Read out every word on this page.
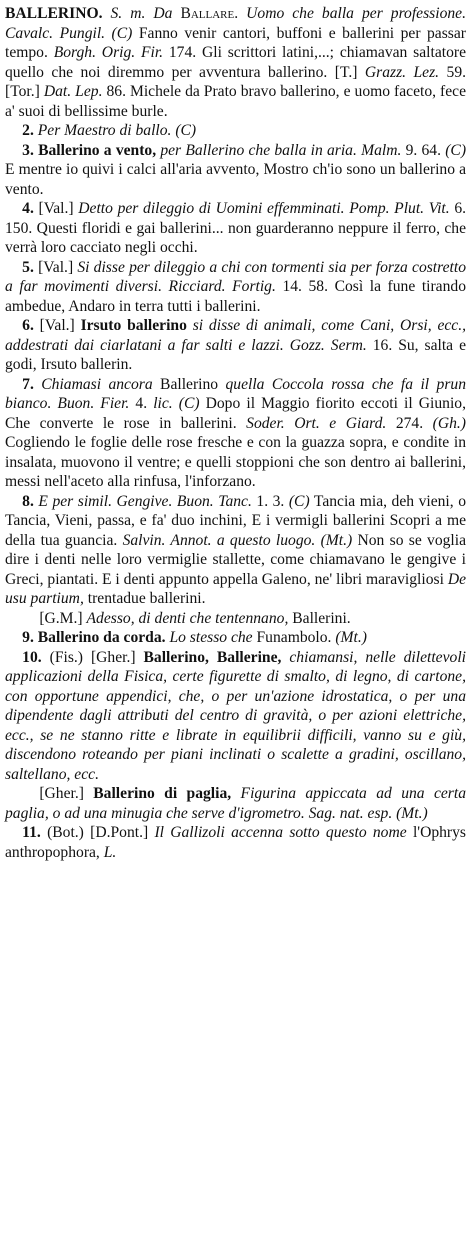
BALLERINO. S. m. Da Ballare. Uomo che balla per professione. Cavalc. Pungil. (C) Fanno venir cantori, buffoni e ballerini per passar tempo. Borgh. Orig. Fir. 174. Gli scrittori latini,...; chiamavan saltatore quello che noi diremmo per avventura ballerino. [T.] Grazz. Lez. 59. [Tor.] Dat. Lep. 86. Michele da Prato bravo ballerino, e uomo faceto, fece a' suoi di bellissime burle.

2. Per Maestro di ballo. (C)

3. Ballerino a vento, per Ballerino che balla in aria. Malm. 9. 64. (C) E mentre io quivi i calci all'aria avvento, Mostro ch'io sono un ballerino a vento.

4. [Val.] Detto per dileggio di Uomini effemminati. Pomp. Plut. Vit. 6. 150. Questi floridi e gai ballerini... non guarderanno neppure il ferro, che verrà loro cacciato negli occhi.

5. [Val.] Si disse per dileggio a chi con tormenti sia per forza costretto a far movimenti diversi. Ricciard. Fortig. 14. 58. Così la fune tirando ambedue, Andaro in terra tutti i ballerini.

6. [Val.] Irsuto ballerino si disse di animali, come Cani, Orsi, ecc., addestrati dai ciarlatani a far salti e lazzi. Gozz. Serm. 16. Su, salta e godi, Irsuto ballerin.

7. Chiamasi ancora Ballerino quella Coccola rossa che fa il prun bianco. Buon. Fier. 4. lic. (C) Dopo il Maggio fiorito eccoti il Giunio, Che converte le rose in ballerini. Soder. Ort. e Giard. 274. (Gh.) Cogliendo le foglie delle rose fresche e con la guazza sopra, e condite in insalata, muovono il ventre; e quelli stoppioni che son dentro ai ballerini, messi nell'aceto alla rinfusa, l'inforzano.

8. E per simil. Gengive. Buon. Tanc. 1. 3. (C) Tancia mia, deh vieni, o Tancia, Vieni, passa, e fa' duo inchini, E i vermigli ballerini Scopri a me della tua guancia. Salvin. Annot. a questo luogo. (Mt.) Non so se voglia dire i denti nelle loro vermiglie stallette, come chiamavano le gengive i Greci, piantati. E i denti appunto appella Galeno, ne' libri maravigliosi De usu partium, trentadue ballerini.

[G.M.] Adesso, di denti che tentennano, Ballerini.

9. Ballerino da corda. Lo stesso che Funambolo. (Mt.)

10. (Fis.) [Gher.] Ballerino, Ballerine, chiamansi, nelle dilettevoli applicazioni della Fisica, certe figurette di smalto, di legno, di cartone, con opportune appendici, che, o per un'azione idrostatica, o per una dipendente dagli attributi del centro di gravità, o per azioni elettriche, ecc., se ne stanno ritte e librate in equilibrii difficili, vanno su e giù, discendono roteando per piani inclinati o scalette a gradini, oscillano, saltellano, ecc.

[Gher.] Ballerino di paglia, Figurina appiccata ad una certa paglia, o ad una minugia che serve d'igrometro. Sag. nat. esp. (Mt.)

11. (Bot.) [D.Pont.] Il Gallizoli accenna sotto questo nome l'Ophrys anthropophora, L.
